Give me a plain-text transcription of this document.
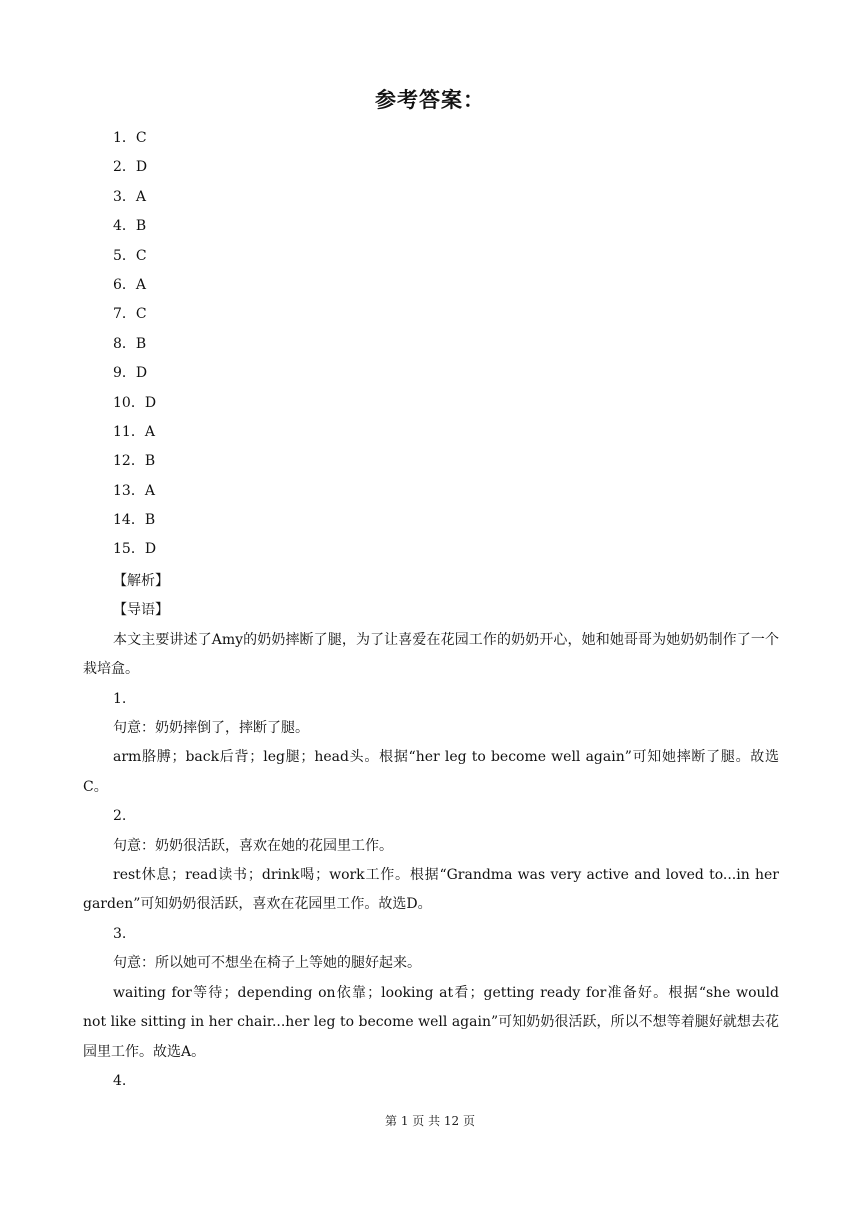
参考答案：
1．C
2．D
3．A
4．B
5．C
6．A
7．C
8．B
9．D
10．D
11．A
12．B
13．A
14．B
15．D

【解析】

【导语】

本文主要讲述了Amy的奶奶摔断了腿，为了让喜爱在花园工作的奶奶开心，她和她哥哥为她奶奶制作了一个栽培盒。

1.

句意：奶奶摔倒了，摔断了腿。

arm胳膊；back后背；leg腿；head头。根据“her leg to become well again”可知她摔断了腿。故选C。

2.

句意：奶奶很活跃，喜欢在她的花园里工作。

rest休息；read读书；drink喝；work工作。根据“Grandma was very active and loved to...in her garden”可知奶奶很活跃，喜欢在花园里工作。故选D。

3.

句意：所以她可不想坐在椅子上等她的腿好起来。

waiting for等待；depending on依靠；looking at看；getting ready for准备好。根据“she would not like sitting in her chair...her leg to become well again”可知奶奶很活跃，所以不想等着腿好就想去花园里工作。故选A。

4.

第 1 页 共 12 页
